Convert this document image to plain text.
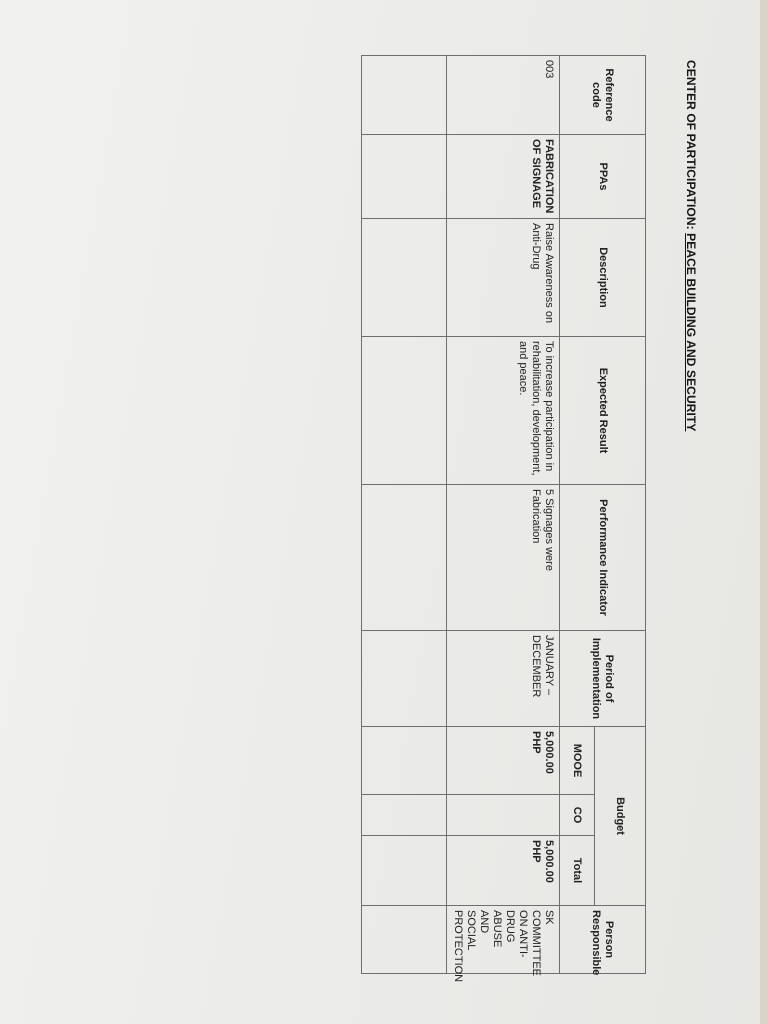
CENTER OF PARTICIPATION: PEACE BUILDING AND SECURITY
Reference code	PPAs	Description	Expected Result	Performance Indicator	Period of Implementation	Budget			Person Responsible
						MOOE	CO	Total	
003	FABRICATION OF SIGNAGE	Raise Awareness on Anti-Drug	To increase participation in rehabilitation, development, and peace.	5 Signages were Fabrication	JANUARY – DECEMBER	5,000.00 PHP		5,000.00 PHP	SK COMMITTEE ON ANTI-DRUG ABUSE AND SOCIAL PROTECTION
